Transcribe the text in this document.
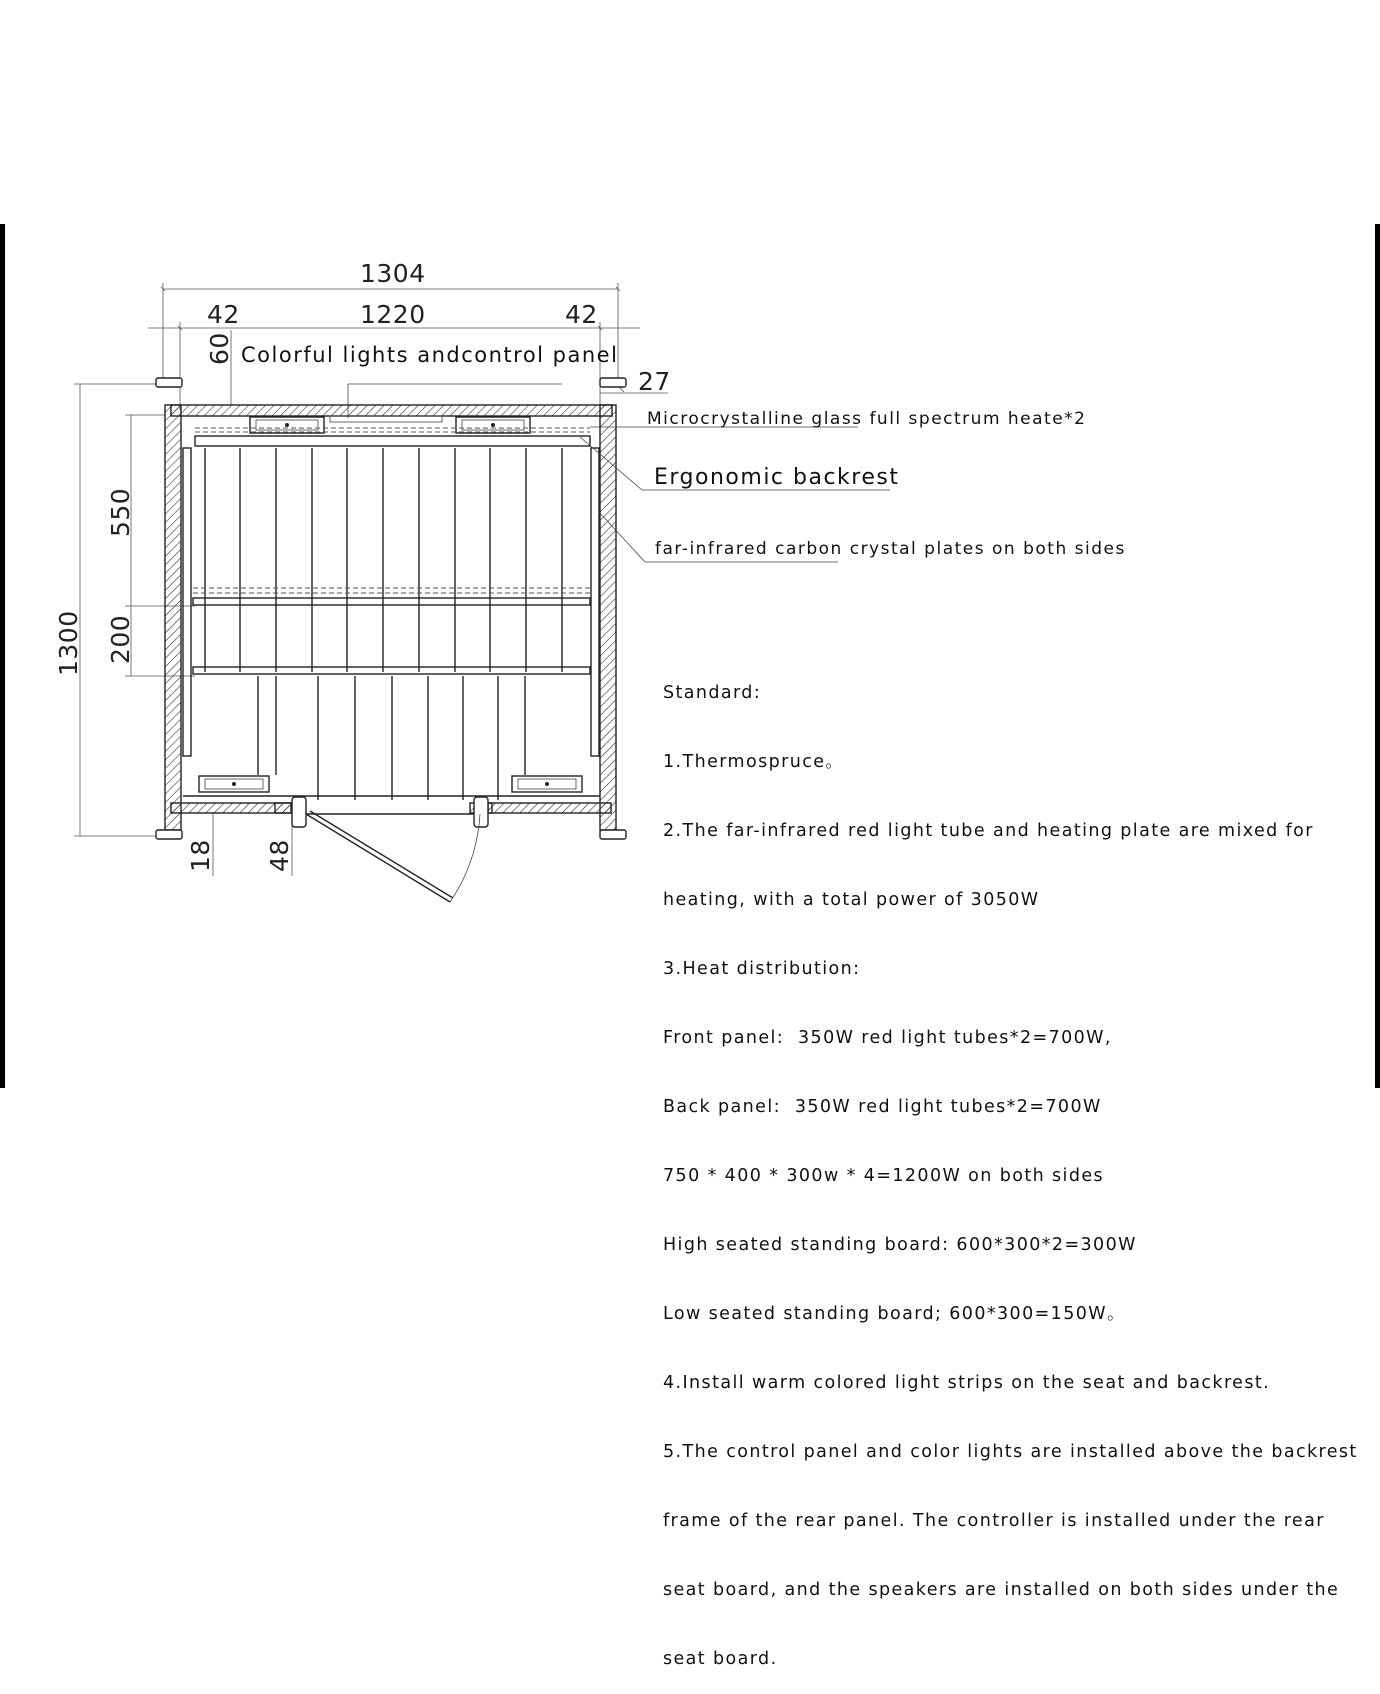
1304
1220
42	42
60
27
1300
550
200
18 48
Colorful lights andcontrol panel
Microcrystalline glass full spectrum heate*2
Ergonomic backrest
far-infrared carbon crystal plates on both sides

Standard:

1.Thermospruce。

2.The far-infrared red light tube and heating plate are mixed for

heating, with a total power of 3050W

3.Heat distribution:

Front panel:  350W red light tubes*2=700W,

Back panel:  350W red light tubes*2=700W

750 * 400 * 300w * 4=1200W on both sides

High seated standing board: 600*300*2=300W

Low seated standing board; 600*300=150W。

4.Install warm colored light strips on the seat and backrest.

5.The control panel and color lights are installed above the backrest

frame of the rear panel. The controller is installed under the rear

seat board, and the speakers are installed on both sides under the

seat board.
